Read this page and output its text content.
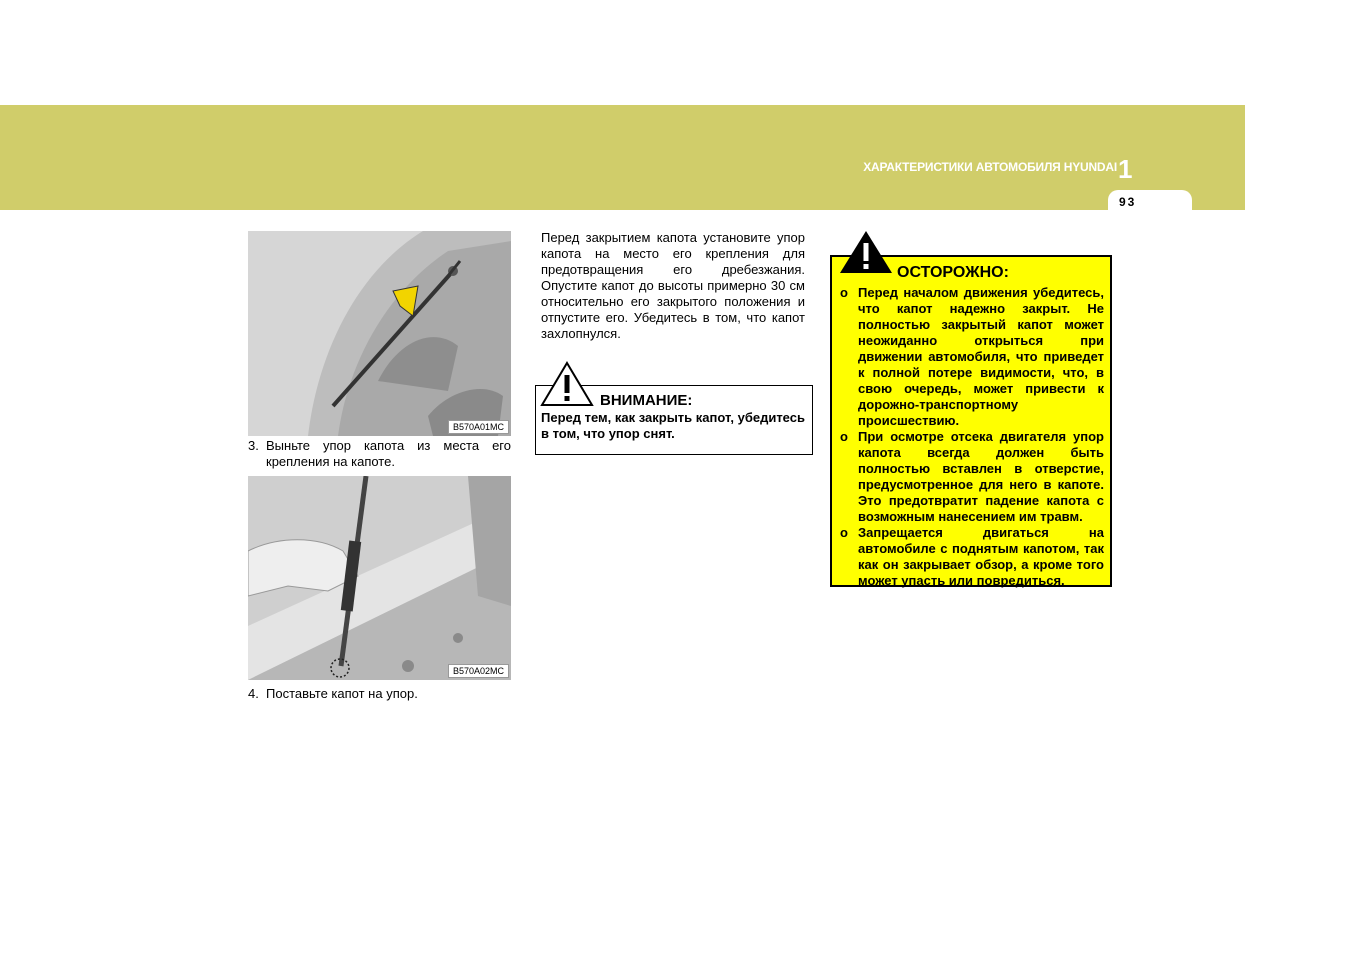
ХАРАКТЕРИСТИКИ АВТОМОБИЛЯ HYUNDAI 1
93
B570A01MC
3. Выньте упор капота из места его крепления на капоте.
B570A02MC
4. Поставьте капот на упор.
Перед закрытием капота установите упор капота на место его крепления для предотвращения его дребезжания. Опустите капот до высоты примерно 30 см относительно его закрытого положения и отпустите его. Убедитесь в том, что капот захлопнулся.
ВНИМАНИЕ:
Перед тем, как закрыть капот, убедитесь в том, что упор снят.
ОСТОРОЖНО:
o Перед началом движения убедитесь, что капот надежно закрыт. Не полностью закрытый капот может неожиданно открыться при движении автомобиля, что приведет к полной потере видимости, что, в свою очередь, может привести к дорожно-транспортному происшествию.
o При осмотре отсека двигателя упор капота всегда должен быть полностью вставлен в отверстие, предусмотренное для него в капоте. Это предотвратит падение капота с возможным нанесением им травм.
o Запрещается двигаться на автомобиле с поднятым капотом, так как он закрывает обзор, а кроме того может упасть или повредиться.
